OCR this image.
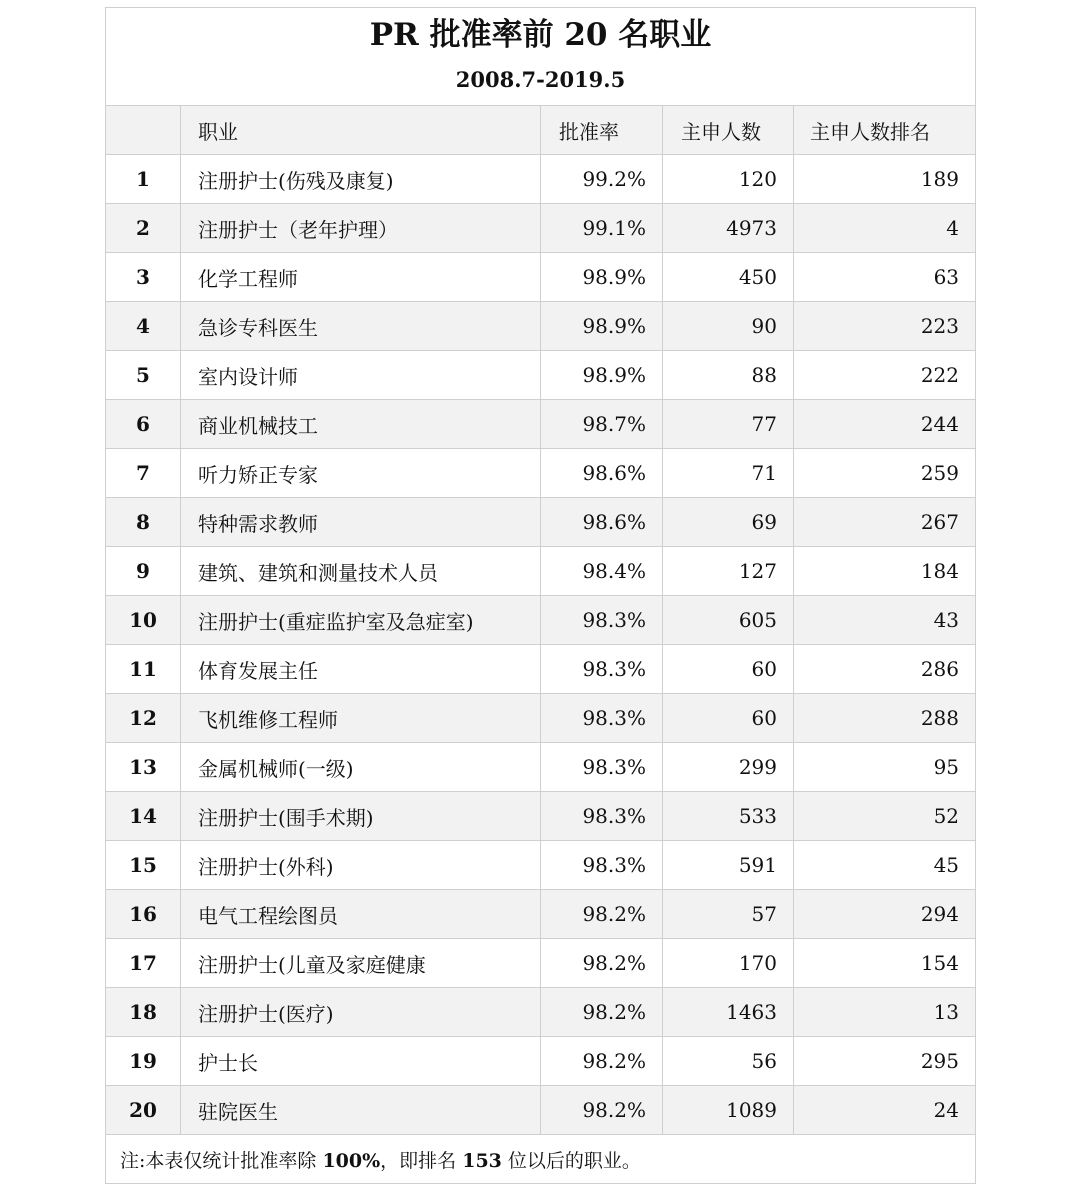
PR 批准率前 20 名职业
2008.7-2019.5				

	职业	批准率	主申人数	主申人数排名
1	注册护士(伤残及康复)	99.2%	120	189
2	注册护士（老年护理）	99.1%	4973	4
3	化学工程师	98.9%	450	63
4	急诊专科医生	98.9%	90	223
5	室内设计师	98.9%	88	222
6	商业机械技工	98.7%	77	244
7	听力矫正专家	98.6%	71	259
8	特种需求教师	98.6%	69	267
9	建筑、建筑和测量技术人员	98.4%	127	184
10	注册护士(重症监护室及急症室)	98.3%	605	43
11	体育发展主任	98.3%	60	286
12	飞机维修工程师	98.3%	60	288
13	金属机械师(一级)	98.3%	299	95
14	注册护士(围手术期)	98.3%	533	52
15	注册护士(外科)	98.3%	591	45
16	电气工程绘图员	98.2%	57	294
17	注册护士(儿童及家庭健康	98.2%	170	154
18	注册护士(医疗)	98.2%	1463	13
19	护士长	98.2%	56	295
20	驻院医生	98.2%	1089	24
注:本表仅统计批准率除 100%，即排名 153 位以后的职业。				
